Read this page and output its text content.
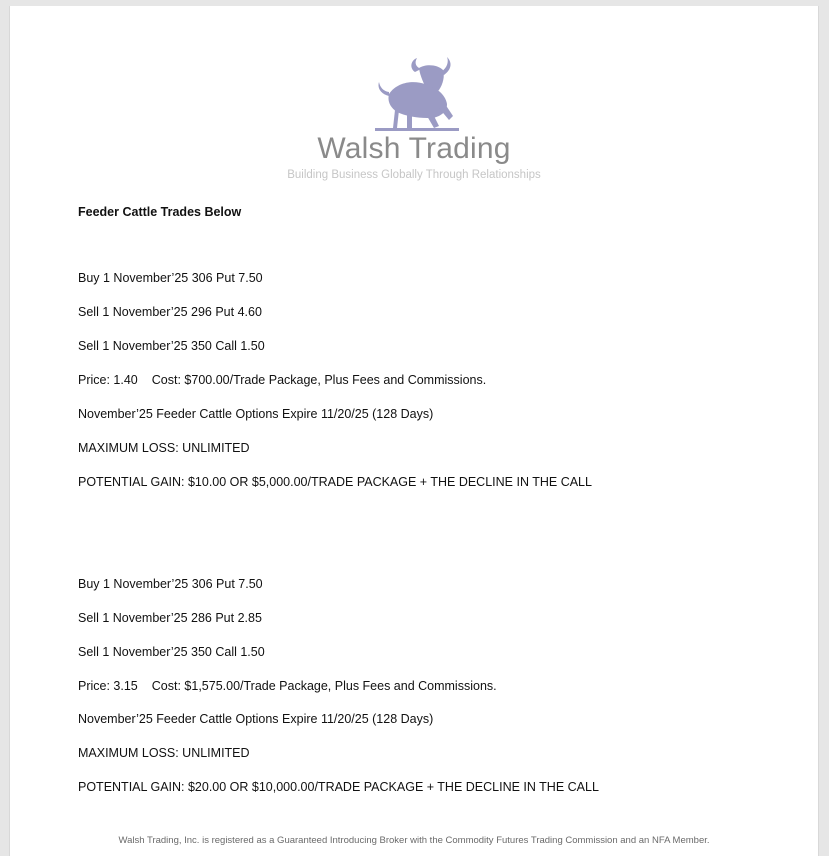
Walsh Trading
Building Business Globally Through Relationships
Feeder Cattle Trades Below
Buy 1 November’25 306 Put 7.50
Sell 1 November’25 296 Put 4.60
Sell 1 November’25 350 Call 1.50
Price: 1.40 Cost: $700.00/Trade Package, Plus Fees and Commissions.
November’25 Feeder Cattle Options Expire 11/20/25 (128 Days)
MAXIMUM LOSS: UNLIMITED
POTENTIAL GAIN: $10.00 OR $5,000.00/TRADE PACKAGE + THE DECLINE IN THE CALL
Buy 1 November’25 306 Put 7.50
Sell 1 November’25 286 Put 2.85
Sell 1 November’25 350 Call 1.50
Price: 3.15 Cost: $1,575.00/Trade Package, Plus Fees and Commissions.
November’25 Feeder Cattle Options Expire 11/20/25 (128 Days)
MAXIMUM LOSS: UNLIMITED
POTENTIAL GAIN: $20.00 OR $10,000.00/TRADE PACKAGE + THE DECLINE IN THE CALL
Walsh Trading, Inc. is registered as a Guaranteed Introducing Broker with the Commodity Futures Trading Commission and an NFA Member.
